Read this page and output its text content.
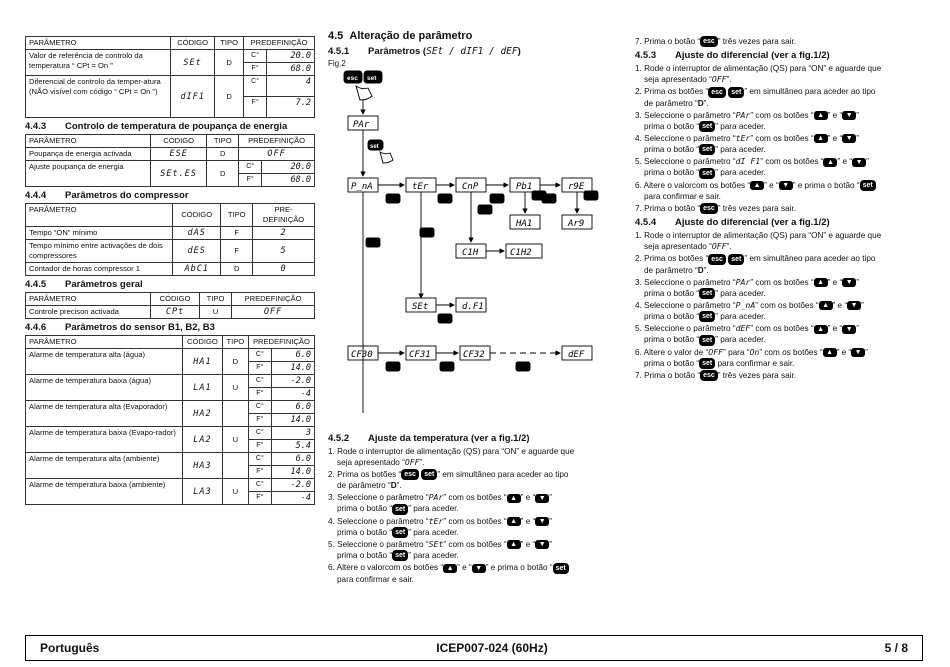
PARÂMETRO	CÓDIGO	TIPO	PREDEFINIÇÃO	
Valor de referência de controlo da temperatura “ CPt = On ”	SEt	D	C°	20.0
			F°	68.0
Diferencial de controlo da temper-atura
(NÃO visível com código “ CPt = On ”)	dIF1	D	C°	4
			F°	7.2
4.4.3 Controlo de temperatura de poupança de energia
PARÂMETRO	CÓDIGO	TIPO	PREDEFINIÇÃO	
Poupança de energia activada	ESE	D	OFF	
Ajuste poupança de energia	SEt.ES	D	C°	20.0
			F°	68.0
4.4.4 Parâmetros do compressor
PARÂMETRO	CÓDIGO	TIPO	PRE-
DEFINIÇÃO
Tempo “ON” mínimo	dAS	F	2
Tempo mínimo entre activações de dois compressores	dES	F	5
Contador de horas compressor 1	AbC1	D	0
4.4.5 Parâmetros geral
PARÂMETRO	CÓDIGO	TIPO	PREDEFINIÇÃO
Controle precison activada	CPt	U	OFF
4.4.6 Parâmetros do sensor B1, B2, B3
PARÂMETRO	CÓDIGO	TIPO	PREDEFINIÇÃO	
Alarme de temperatura alta (água)	HA1	D	C°	6.0
			F°	14.0
Alarme de temperatura baixa (água)	LA1	U	C°	-2.0
			F°	-4
Alarme de temperatura alta (Evaporador)	HA2		C°	6.0
			F°	14.0
Alarme de temperatura baixa (Evapo-rador)	LA2	U	C°	3
			F°	5.4
Alarme de temperatura alta (ambiente)	HA3		C°	6.0
			F°	14.0
Alarme de temperatura baixa (ambiente)	LA3	U	C°	-2.0
			F°	-4
4.5 Alteração de parâmetro
4.5.1 Parâmetros (SEt / dIF1 / dEF)
Fig.2
esc set
set
PAr
P_nA	tEr	CnP	Pb1	r9E
HA1	Ar9
C1H	C1H2
SEt	d.F1
CF30	CF31	CF32	dEF
4.5.2 Ajuste da temperatura (ver a fig.1/2)
1. Rode o interruptor de alimentação (QS) para “ON” e aguarde que
seja apresentado “OFF”.
2. Prima os botões “ esc set ” em simultâneo para aceder ao tipo
de parâmetro “D”.
3. Seleccione o parâmetro “PAr” com os botões “ ▲ ” e “ ▼ ”
prima o botão “ set ” para aceder.
4. Seleccione o parâmetro “tEr” com os botões “ ▲ ” e “ ▼ ”
prima o botão “ set ” para aceder.
5. Seleccione o parâmetro “SEt” com os botões “ ▲ ” e “ ▼ ”
prima o botão “ set ” para aceder.
6. Altere o valorcom os botões “ ▲ ” e “ ▼ ” e prima o botão “ set
para confirmar e sair.
7. Prima o botão “ esc ” três vezes para sair.
4.5.3 Ajuste do diferencial (ver a fig.1/2)
1. Rode o interruptor de alimentação (QS) para “ON” e aguarde que
seja apresentado “OFF”.
2. Prima os botões “ esc set ” em simultâneo para aceder ao tipo
de parâmetro “D”.
3. Seleccione o parâmetro “PAr” com os botões “ ▲ ” e “ ▼ ”
prima o botão “ set ” para aceder.
4. Seleccione o parâmetro “tEr” com os botões “ ▲ ” e “ ▼ ”
prima o botão “ set ” para aceder.
5. Seleccione o parâmetro “dI F1” com os botões “ ▲ ” e “ ▼ ”
prima o botão “ set ” para aceder.
6. Altere o valorcom os botões “ ▲ ” e “ ▼ ” e prima o botão “ set
para confirmar e sair.
7. Prima o botão “ esc ” três vezes para sair.
4.5.4 Ajuste do diferencial (ver a fig.1/2)
1. Rode o interruptor de alimentação (QS) para “ON” e aguarde que
seja apresentado “OFF”.
2. Prima os botões “ esc set ” em simultâneo para aceder ao tipo
de parâmetro “D”.
3. Seleccione o parâmetro “PAr” com os botões “ ▲ ” e “ ▼ ”
prima o botão “ set ” para aceder.
4. Seleccione o parâmetro “P_nA” com os botões “ ▲ ” e “ ▼ ”
prima o botão “ set ” para aceder.
5. Seleccione o parâmetro “dEF” com os botões “ ▲ ” e “ ▼ ”
prima o botão “ set ” para aceder.
6. Altere o valor de “OFF” para “On” com os botões “ ▲ ” e “ ▼ ”
prima o botão “ set para confirmar e sair.
7. Prima o botão “ esc ” três vezes para sair.
Português	ICEP007-024 (60Hz)	5 / 8
